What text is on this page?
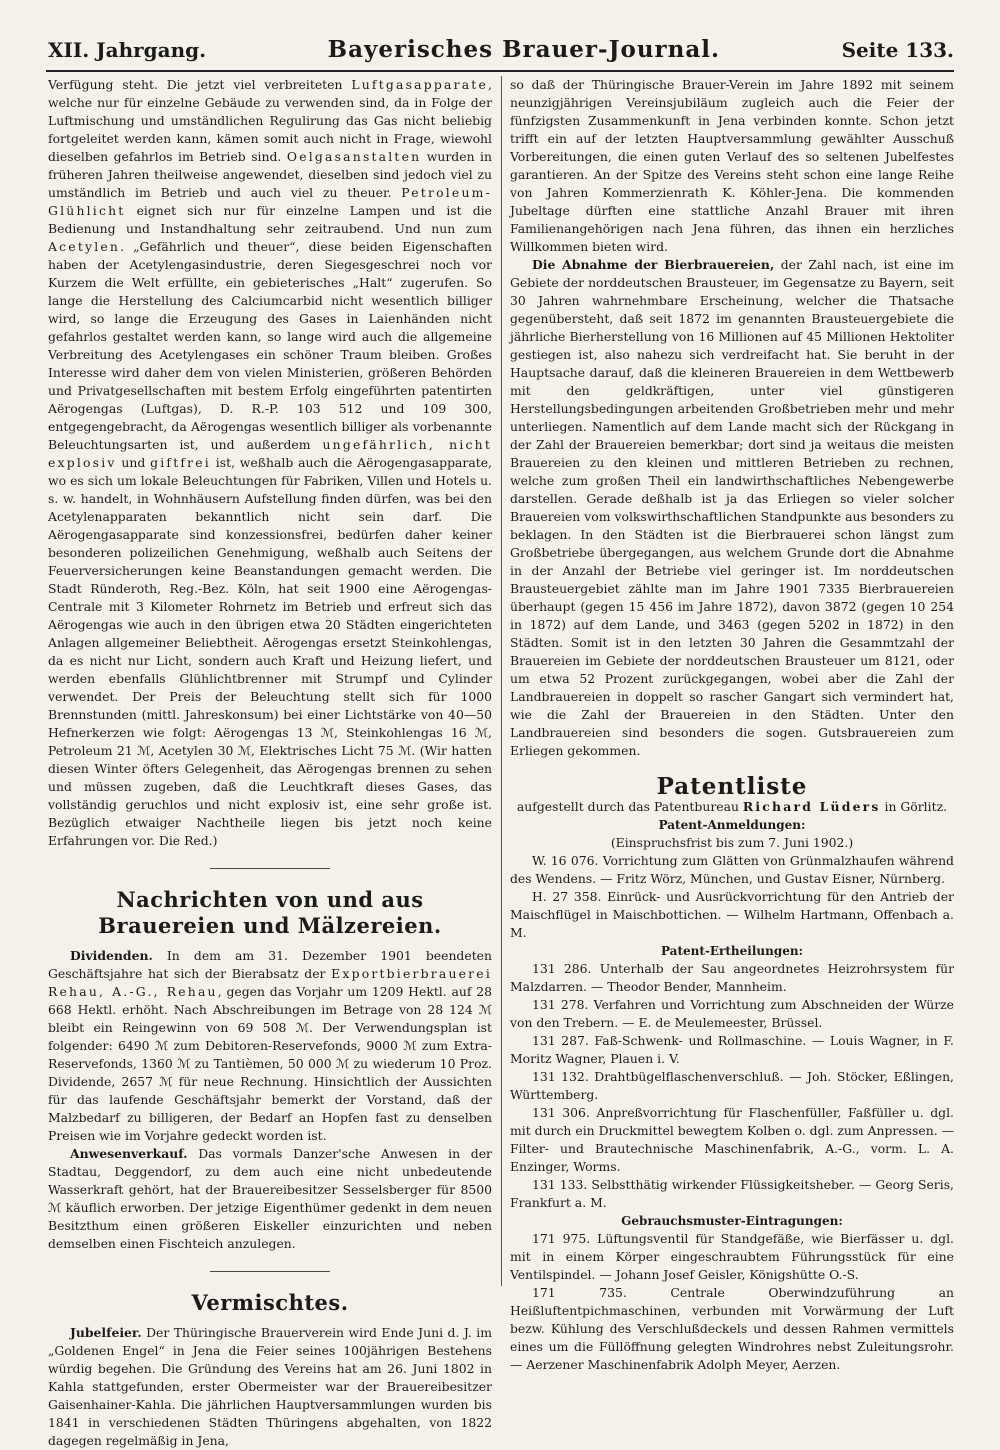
XII. Jahrgang.	Bayerisches Brauer-Journal.	Seite 133.

Verfügung steht. Die jetzt viel verbreiteten Luftgasapparate, welche nur für einzelne Gebäude zu verwenden sind, da in Folge der Luftmischung und umständlichen Regulirung das Gas nicht beliebig fortgeleitet werden kann, kämen somit auch nicht in Frage, wiewohl dieselben gefahrlos im Betrieb sind. Oelgasanstalten wurden in früheren Jahren theilweise angewendet, dieselben sind jedoch viel zu umständlich im Betrieb und auch viel zu theuer. Petroleum-Glühlicht eignet sich nur für einzelne Lampen und ist die Bedienung und Instandhaltung sehr zeitraubend. Und nun zum Acetylen. „Gefährlich und theuer“, diese beiden Eigenschaften haben der Acetylengasindustrie, deren Siegesgeschrei noch vor Kurzem die Welt erfüllte, ein gebieterisches „Halt“ zugerufen. So lange die Herstellung des Calciumcarbid nicht wesentlich billiger wird, so lange die Erzeugung des Gases in Laienhänden nicht gefahrlos gestaltet werden kann, so lange wird auch die allgemeine Verbreitung des Acetylengases ein schöner Traum bleiben. Großes Interesse wird daher dem von vielen Ministerien, größeren Behörden und Privatgesellschaften mit bestem Erfolg eingeführten patentirten Aërogengas (Luftgas), D. R.-P. 103 512 und 109 300, entgegengebracht, da Aërogengas wesentlich billiger als vorbenannte Beleuchtungsarten ist, und außerdem ungefährlich, nicht explosiv und giftfrei ist, weßhalb auch die Aërogengasapparate, wo es sich um lokale Beleuchtungen für Fabriken, Villen und Hotels u. s. w. handelt, in Wohnhäusern Aufstellung finden dürfen, was bei den Acetylenapparaten bekanntlich nicht sein darf. Die Aërogengasapparate sind konzessionsfrei, bedürfen daher keiner besonderen polizeilichen Genehmigung, weßhalb auch Seitens der Feuerversicherungen keine Beanstandungen gemacht werden. Die Stadt Ründeroth, Reg.-Bez. Köln, hat seit 1900 eine Aërogengas-Centrale mit 3 Kilometer Rohrnetz im Betrieb und erfreut sich das Aërogengas wie auch in den übrigen etwa 20 Städten eingerichteten Anlagen allgemeiner Beliebtheit. Aërogengas ersetzt Steinkohlengas, da es nicht nur Licht, sondern auch Kraft und Heizung liefert, und werden ebenfalls Glühlichtbrenner mit Strumpf und Cylinder verwendet. Der Preis der Beleuchtung stellt sich für 1000 Brennstunden (mittl. Jahreskonsum) bei einer Lichtstärke von 40—50 Hefnerkerzen wie folgt: Aërogengas 13 ℳ, Steinkohlengas 16 ℳ, Petroleum 21 ℳ, Acetylen 30 ℳ, Elektrisches Licht 75 ℳ. (Wir hatten diesen Winter öfters Gelegenheit, das Aërogengas brennen zu sehen und müssen zugeben, daß die Leuchtkraft dieses Gases, das vollständig geruchlos und nicht explosiv ist, eine sehr große ist. Bezüglich etwaiger Nachtheile liegen bis jetzt noch keine Erfahrungen vor. Die Red.)

Nachrichten von und aus Brauereien und Mälzereien.

Dividenden. In dem am 31. Dezember 1901 beendeten Geschäftsjahre hat sich der Bierabsatz der Exportbierbrauerei Rehau, A.-G., Rehau, gegen das Vorjahr um 1209 Hektl. auf 28 668 Hektl. erhöht. Nach Abschreibungen im Betrage von 28 124 ℳ bleibt ein Reingewinn von 69 508 ℳ. Der Verwendungsplan ist folgender: 6490 ℳ zum Debitoren-Reservefonds, 9000 ℳ zum Extra-Reservefonds, 1360 ℳ zu Tantièmen, 50 000 ℳ zu wiederum 10 Proz. Dividende, 2657 ℳ für neue Rechnung. Hinsichtlich der Aussichten für das laufende Geschäftsjahr bemerkt der Vorstand, daß der Malzbedarf zu billigeren, der Bedarf an Hopfen fast zu denselben Preisen wie im Vorjahre gedeckt worden ist.

Anwesenverkauf. Das vormals Danzer'sche Anwesen in der Stadtau, Deggendorf, zu dem auch eine nicht unbedeutende Wasserkraft gehört, hat der Brauereibesitzer Sesselsberger für 8500 ℳ käuflich erworben. Der jetzige Eigenthümer gedenkt in dem neuen Besitzthum einen größeren Eiskeller einzurichten und neben demselben einen Fischteich anzulegen.

Vermischtes.

Jubelfeier. Der Thüringische Brauerverein wird Ende Juni d. J. im „Goldenen Engel“ in Jena die Feier seines 100jährigen Bestehens würdig begehen. Die Gründung des Vereins hat am 26. Juni 1802 in Kahla stattgefunden, erster Obermeister war der Brauereibesitzer Gaisenhainer-Kahla. Die jährlichen Hauptversammlungen wurden bis 1841 in verschiedenen Städten Thüringens abgehalten, von 1822 dagegen regelmäßig in Jena,

so daß der Thüringische Brauer-Verein im Jahre 1892 mit seinem neunzigjährigen Vereinsjubiläum zugleich auch die Feier der fünfzigsten Zusammenkunft in Jena verbinden konnte. Schon jetzt trifft ein auf der letzten Hauptversammlung gewählter Ausschuß Vorbereitungen, die einen guten Verlauf des so seltenen Jubelfestes garantieren. An der Spitze des Vereins steht schon eine lange Reihe von Jahren Kommerzienrath K. Köhler-Jena. Die kommenden Jubeltage dürften eine stattliche Anzahl Brauer mit ihren Familienangehörigen nach Jena führen, das ihnen ein herzliches Willkommen bieten wird.

Die Abnahme der Bierbrauereien, der Zahl nach, ist eine im Gebiete der norddeutschen Brausteuer, im Gegensatze zu Bayern, seit 30 Jahren wahrnehmbare Erscheinung, welcher die Thatsache gegenübersteht, daß seit 1872 im genannten Brausteuergebiete die jährliche Bierherstellung von 16 Millionen auf 45 Millionen Hektoliter gestiegen ist, also nahezu sich verdreifacht hat. Sie beruht in der Hauptsache darauf, daß die kleineren Brauereien in dem Wettbewerb mit den geldkräftigen, unter viel günstigeren Herstellungsbedingungen arbeitenden Großbetrieben mehr und mehr unterliegen. Namentlich auf dem Lande macht sich der Rückgang in der Zahl der Brauereien bemerkbar; dort sind ja weitaus die meisten Brauereien zu den kleinen und mittleren Betrieben zu rechnen, welche zum großen Theil ein landwirthschaftliches Nebengewerbe darstellen. Gerade deßhalb ist ja das Erliegen so vieler solcher Brauereien vom volkswirthschaftlichen Standpunkte aus besonders zu beklagen. In den Städten ist die Bierbrauerei schon längst zum Großbetriebe übergegangen, aus welchem Grunde dort die Abnahme in der Anzahl der Betriebe viel geringer ist. Im norddeutschen Brausteuergebiet zählte man im Jahre 1901 7335 Bierbrauereien überhaupt (gegen 15 456 im Jahre 1872), davon 3872 (gegen 10 254 in 1872) auf dem Lande, und 3463 (gegen 5202 in 1872) in den Städten. Somit ist in den letzten 30 Jahren die Gesammtzahl der Brauereien im Gebiete der norddeutschen Brausteuer um 8121, oder um etwa 52 Prozent zurückgegangen, wobei aber die Zahl der Landbrauereien in doppelt so rascher Gangart sich vermindert hat, wie die Zahl der Brauereien in den Städten. Unter den Landbrauereien sind besonders die sogen. Gutsbrauereien zum Erliegen gekommen.

Patentliste

aufgestellt durch das Patentbureau Richard Lüders in Görlitz.

Patent-Anmeldungen:

(Einspruchsfrist bis zum 7. Juni 1902.)

W. 16 076. Vorrichtung zum Glätten von Grünmalzhaufen während des Wendens. — Fritz Wörz, München, und Gustav Eisner, Nürnberg.

H. 27 358. Einrück- und Ausrückvorrichtung für den Antrieb der Maischflügel in Maischbottichen. — Wilhelm Hartmann, Offenbach a. M.

Patent-Ertheilungen:

131 286. Unterhalb der Sau angeordnetes Heizrohrsystem für Malzdarren. — Theodor Bender, Mannheim.

131 278. Verfahren und Vorrichtung zum Abschneiden der Würze von den Trebern. — E. de Meulemeester, Brüssel.

131 287. Faß-Schwenk- und Rollmaschine. — Louis Wagner, in F. Moritz Wagner, Plauen i. V.

131 132. Drahtbügelflaschenverschluß. — Joh. Stöcker, Eßlingen, Württemberg.

131 306. Anpreßvorrichtung für Flaschenfüller, Faßfüller u. dgl. mit durch ein Druckmittel bewegtem Kolben o. dgl. zum Anpressen. — Filter- und Brautechnische Maschinenfabrik, A.-G., vorm. L. A. Enzinger, Worms.

131 133. Selbstthätig wirkender Flüssigkeitsheber. — Georg Seris, Frankfurt a. M.

Gebrauchsmuster-Eintragungen:

171 975. Lüftungsventil für Standgefäße, wie Bierfässer u. dgl. mit in einem Körper eingeschraubtem Führungsstück für eine Ventilspindel. — Johann Josef Geisler, Königshütte O.-S.

171 735. Centrale Oberwindzuführung an Heißluftentpichmaschinen, verbunden mit Vorwärmung der Luft bezw. Kühlung des Verschlußdeckels und dessen Rahmen vermittels eines um die Füllöffnung gelegten Windrohres nebst Zuleitungsrohr. — Aerzener Maschinenfabrik Adolph Meyer, Aerzen.
